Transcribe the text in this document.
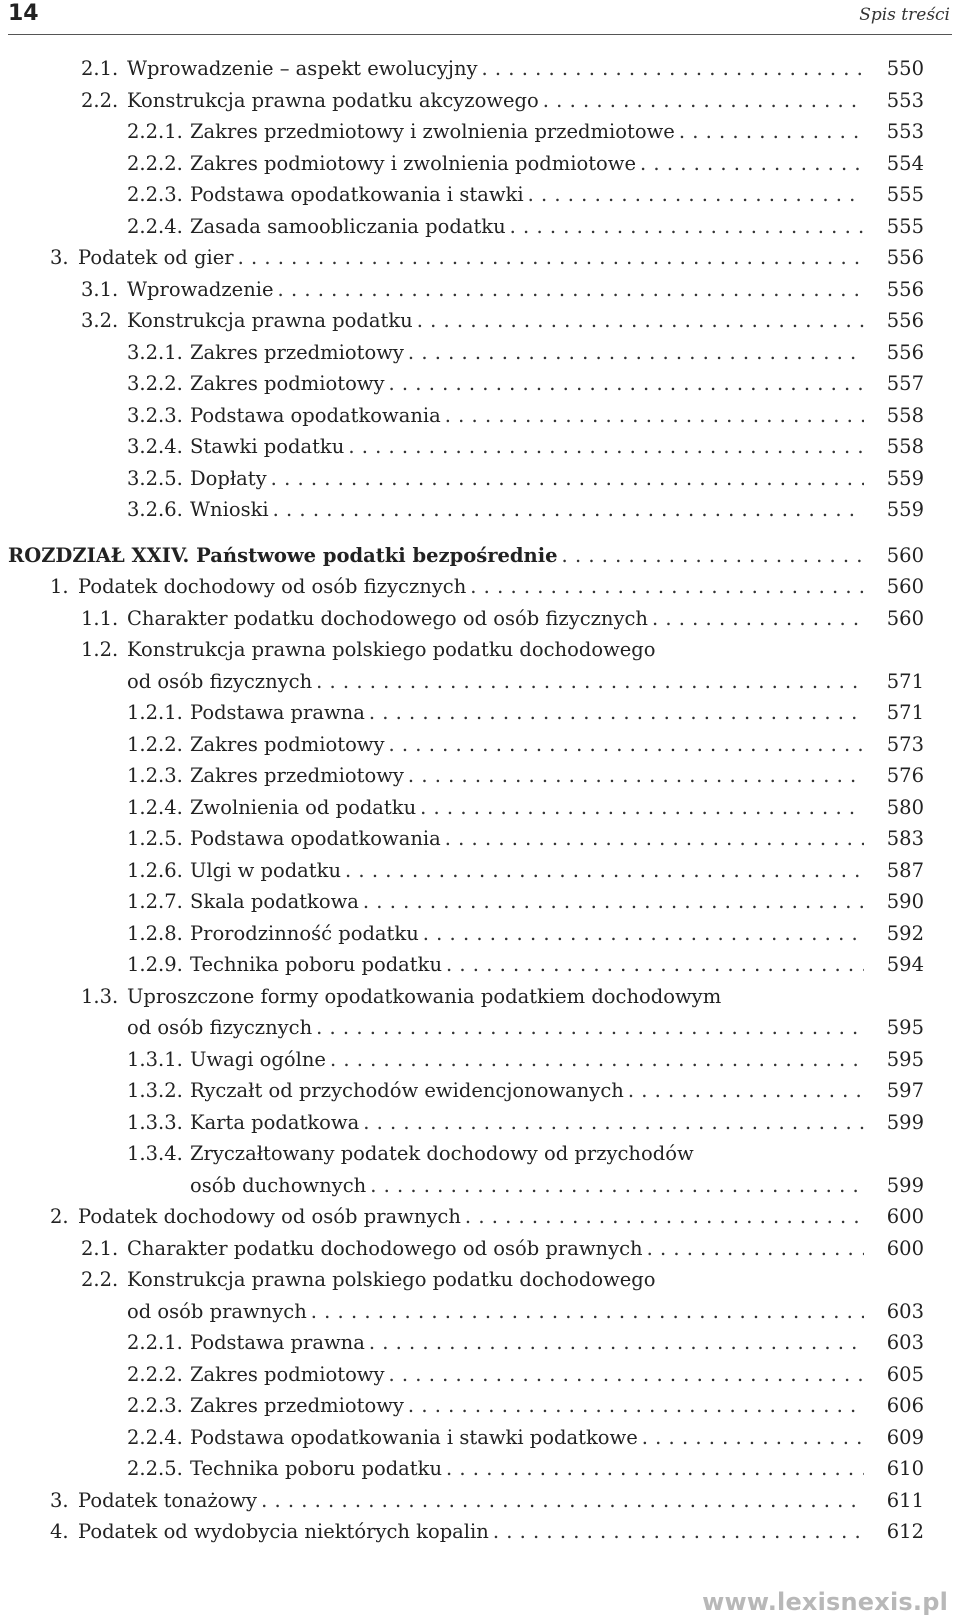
14	Spis treści
2.1. Wprowadzenie – aspekt ewolucyjny . . .	550
2.2. Konstrukcja prawna podatku akcyzowego . . .	553
2.2.1. Zakres przedmiotowy i zwolnienia przedmiotowe . . .	553
2.2.2. Zakres podmiotowy i zwolnienia podmiotowe . . .	554
2.2.3. Podstawa opodatkowania i stawki . . .	555
2.2.4. Zasada samoobliczania podatku . . .	555
3. Podatek od gier . . .	556
3.1. Wprowadzenie . . .	556
3.2. Konstrukcja prawna podatku . . .	556
3.2.1. Zakres przedmiotowy . . .	556
3.2.2. Zakres podmiotowy . . .	557
3.2.3. Podstawa opodatkowania . . .	558
3.2.4. Stawki podatku . . .	558
3.2.5. Dopłaty . . .	559
3.2.6. Wnioski . . .	559
ROZDZIAŁ XXIV.
Państwowe podatki bezpośrednie . . .	560
1. Podatek dochodowy od osób fizycznych . . .	560
1.1. Charakter podatku dochodowego od osób fizycznych . . .	560
1.2. Konstrukcja prawna polskiego podatku dochodowego
od osób fizycznych . . .	571
1.2.1. Podstawa prawna . . .	571
1.2.2. Zakres podmiotowy . . .	573
1.2.3. Zakres przedmiotowy . . .	576
1.2.4. Zwolnienia od podatku . . .	580
1.2.5. Podstawa opodatkowania . . .	583
1.2.6. Ulgi w podatku . . .	587
1.2.7. Skala podatkowa . . .	590
1.2.8. Prorodzinność podatku . . .	592
1.2.9. Technika poboru podatku . . .	594
1.3. Uproszczone formy opodatkowania podatkiem dochodowym
od osób fizycznych . . .	595
1.3.1. Uwagi ogólne . . .	595
1.3.2. Ryczałt od przychodów ewidencjonowanych . . .	597
1.3.3. Karta podatkowa . . .	599
1.3.4. Zryczałtowany podatek dochodowy od przychodów
osób duchownych . . .	599
2. Podatek dochodowy od osób prawnych . . .	600
2.1. Charakter podatku dochodowego od osób prawnych . . .	600
2.2. Konstrukcja prawna polskiego podatku dochodowego
od osób prawnych . . .	603
2.2.1. Podstawa prawna . . .	603
2.2.2. Zakres podmiotowy . . .	605
2.2.3. Zakres przedmiotowy . . .	606
2.2.4. Podstawa opodatkowania i stawki podatkowe . . .	609
2.2.5. Technika poboru podatku . . .	610
3. Podatek tonażowy . . .	611
4. Podatek od wydobycia niektórych kopalin . . .	612
www.lexisnexis.pl
